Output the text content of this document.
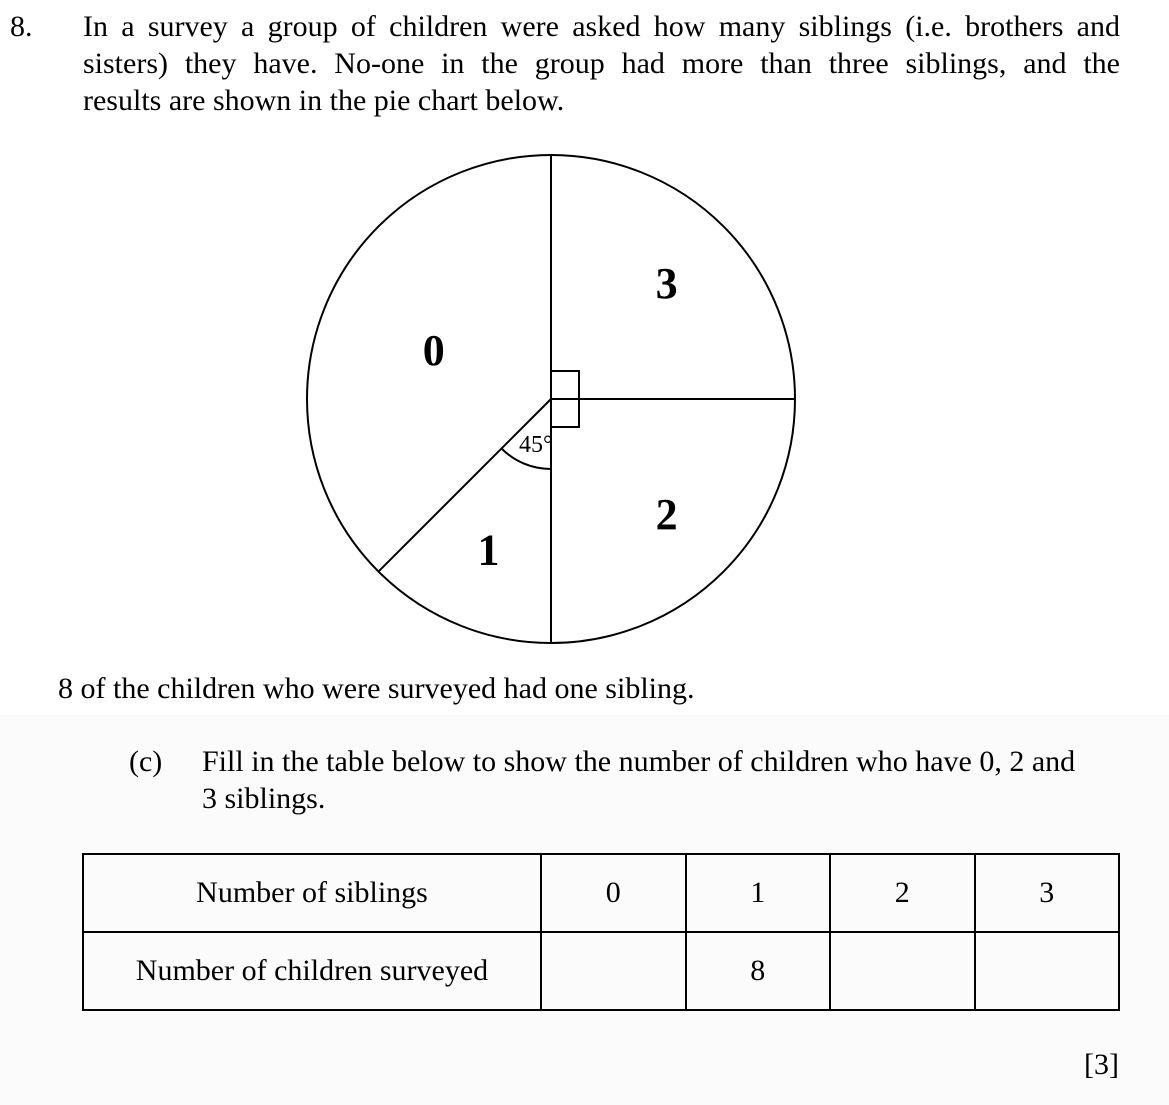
8. In a survey a group of children were asked how many siblings (i.e. brothers and
sisters) they have. No-one in the group had more than three siblings, and the
results are shown in the pie chart below.
3
2
1
0
45°
8 of the children who were surveyed had one sibling.
(c) Fill in the table below to show the number of children who have 0, 2 and
3 siblings.
Number of siblings	0	1	2	3
Number of children surveyed		8		
[3]
